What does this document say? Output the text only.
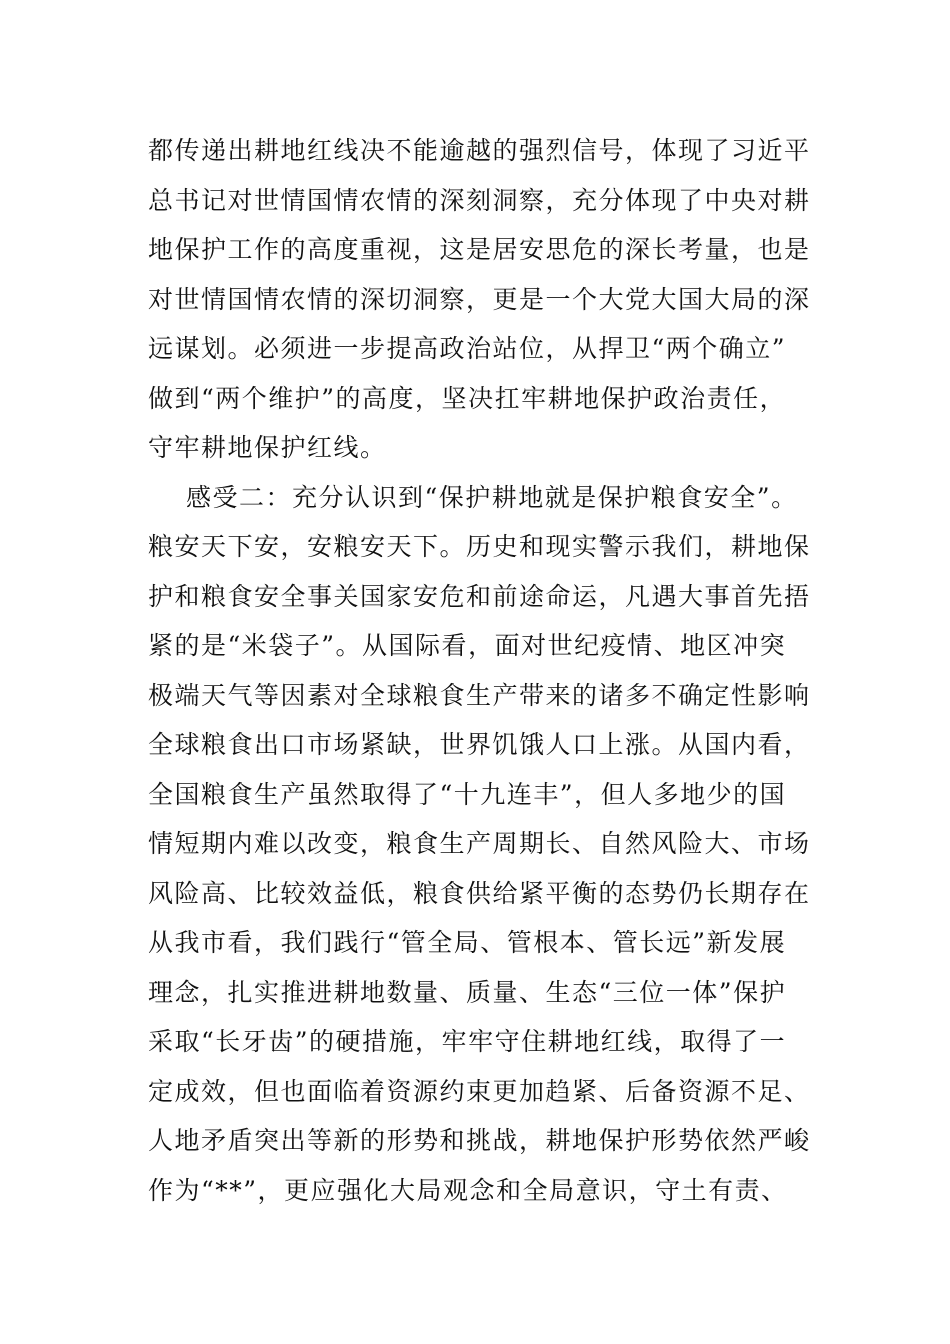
都传递出耕地红线决不能逾越的强烈信号，体现了习近平
总书记对世情国情农情的深刻洞察，充分体现了中央对耕
地保护工作的高度重视，这是居安思危的深长考量，也是
对世情国情农情的深切洞察，更是一个大党大国大局的深
远谋划。必须进一步提高政治站位，从捍卫“两个确立”
做到“两个维护”的高度，坚决扛牢耕地保护政治责任，
守牢耕地保护红线。
感受二：充分认识到“保护耕地就是保护粮食安全”。
粮安天下安，安粮安天下。历史和现实警示我们，耕地保
护和粮食安全事关国家安危和前途命运，凡遇大事首先捂
紧的是“米袋子”。从国际看，面对世纪疫情、地区冲突
极端天气等因素对全球粮食生产带来的诸多不确定性影响
全球粮食出口市场紧缺，世界饥饿人口上涨。从国内看，
全国粮食生产虽然取得了“十九连丰”，但人多地少的国
情短期内难以改变，粮食生产周期长、自然风险大、市场
风险高、比较效益低，粮食供给紧平衡的态势仍长期存在
从我市看，我们践行“管全局、管根本、管长远”新发展
理念，扎实推进耕地数量、质量、生态“三位一体”保护
采取“长牙齿”的硬措施，牢牢守住耕地红线，取得了一
定成效，但也面临着资源约束更加趋紧、后备资源不足、
人地矛盾突出等新的形势和挑战，耕地保护形势依然严峻
作为“**”，更应强化大局观念和全局意识，守土有责、
